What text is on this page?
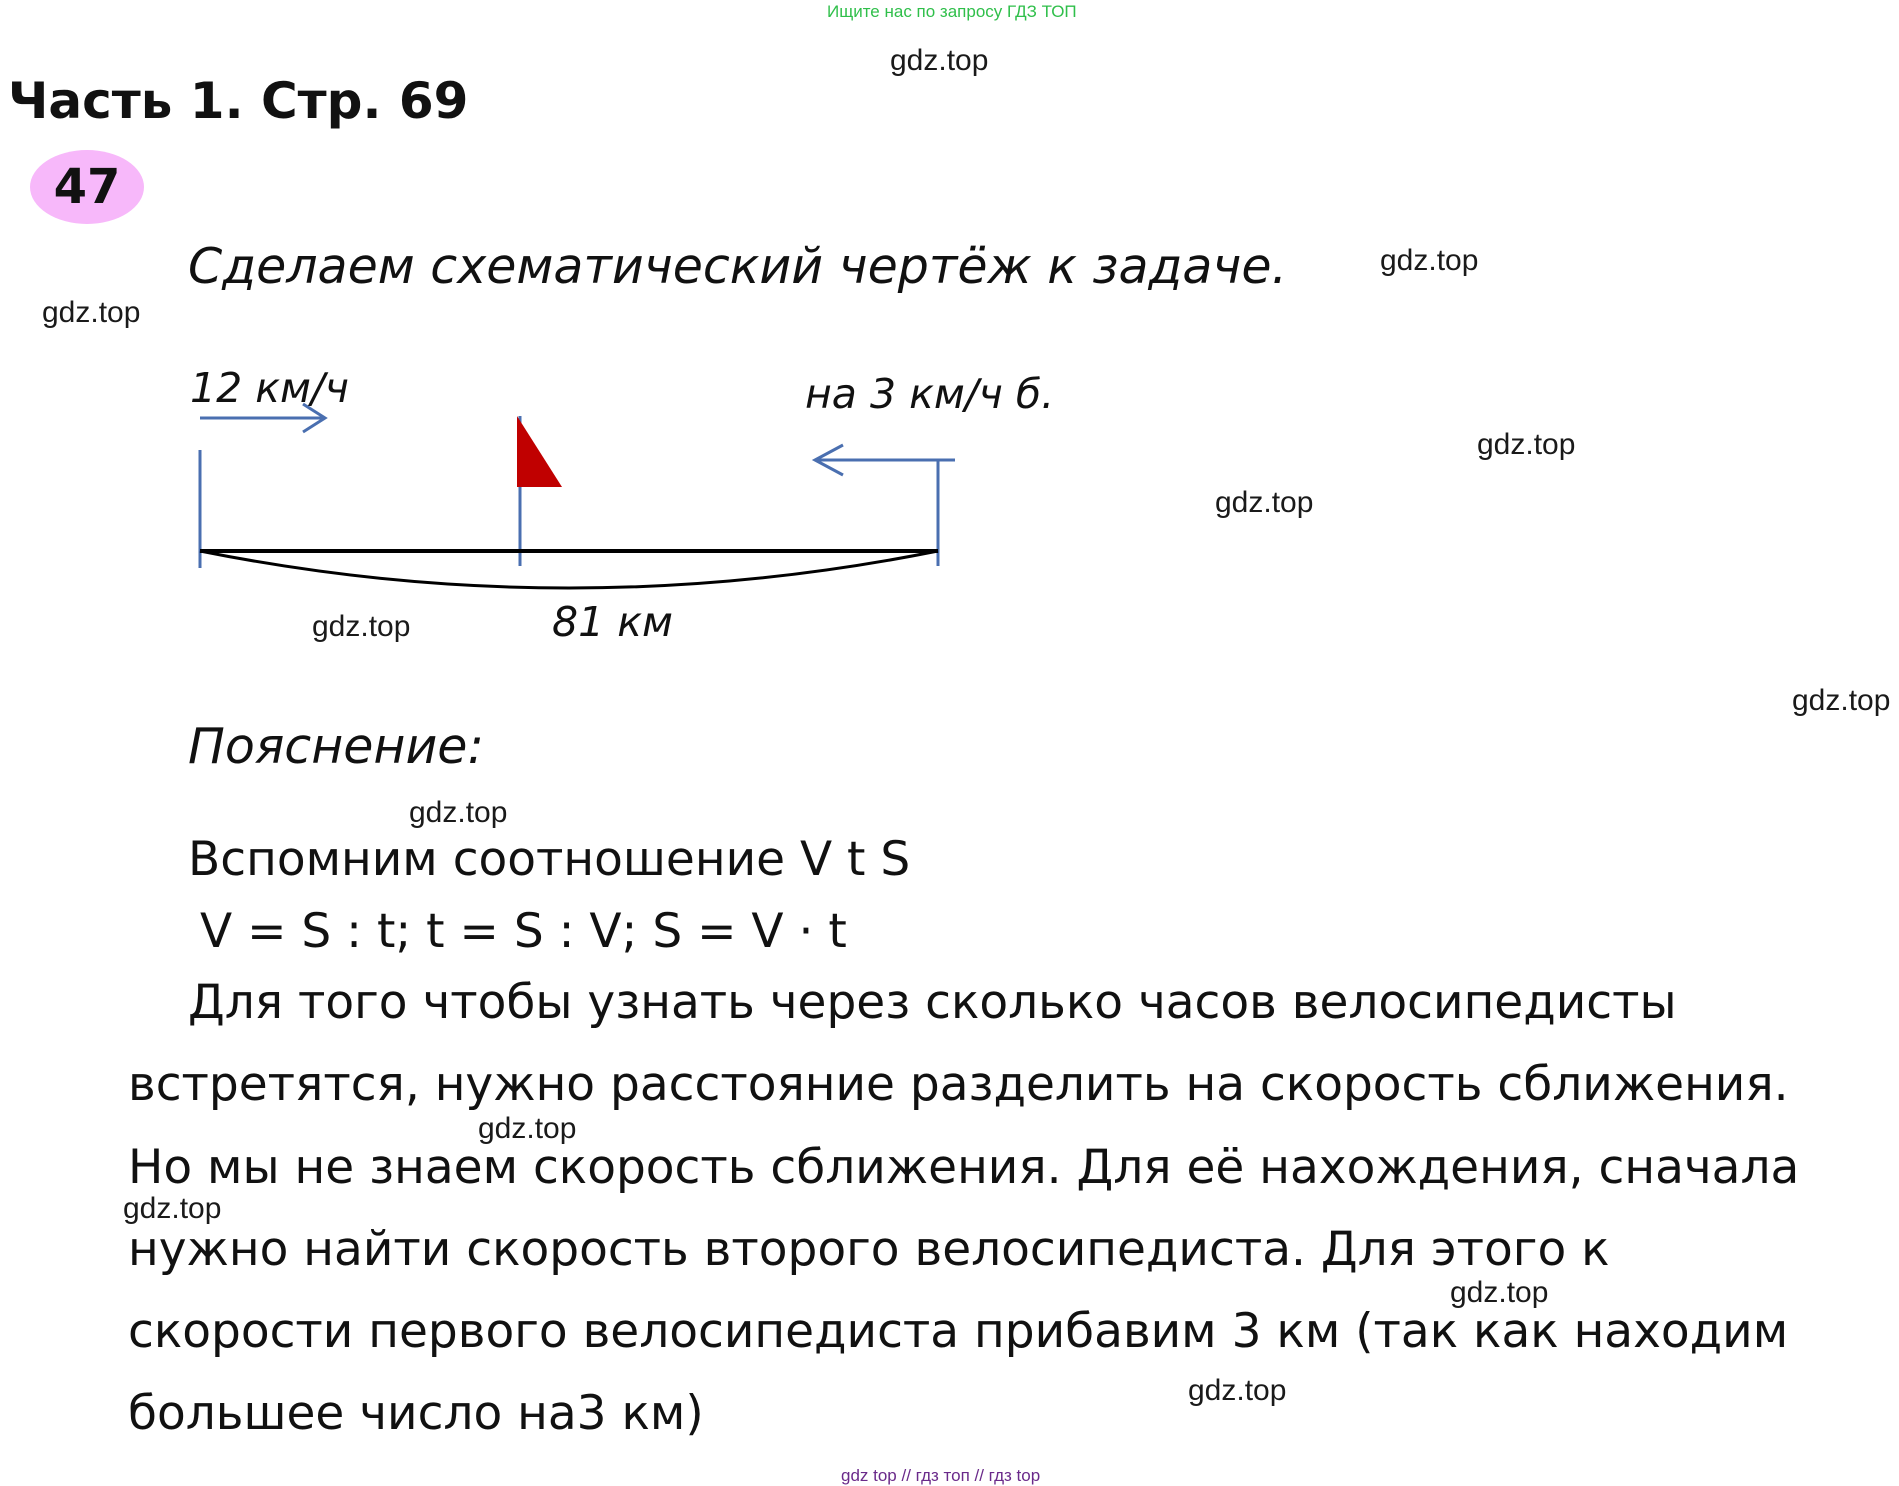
Ищите нас по запросу ГДЗ ТОП
Часть 1. Стр. 69
47
Сделаем схематический чертёж к задаче.
12 км/ч	на 3 км/ч б.
81 км
Пояснение:
Вспомним соотношение V t S
V = S : t; t = S : V; S = V · t
Для того чтобы узнать через сколько часов велосипедисты
встретятся, нужно расстояние разделить на скорость сближения.
Но мы не знаем скорость сближения. Для её нахождения, сначала
нужно найти скорость второго велосипедиста. Для этого к
скорости первого велосипедиста прибавим 3 км (так как находим
большее число на3 км)
gdz.top
gdz.top
gdz.top
gdz.top
gdz.top
gdz.top
gdz.top
gdz.top
gdz.top
gdz.top
gdz.top
gdz.top
gdz top // гдз топ // гдз top
